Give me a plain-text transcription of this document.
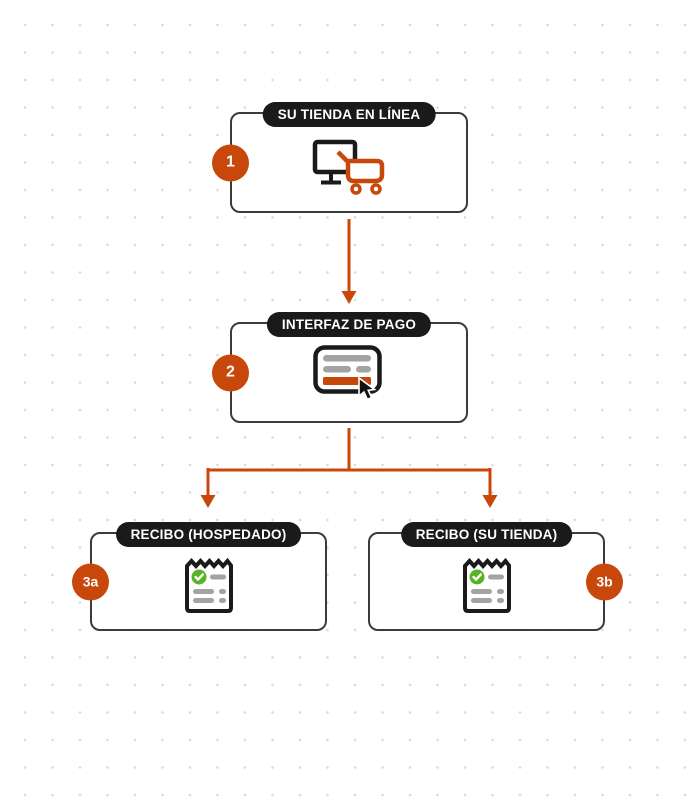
SU TIENDA EN LÍNEA
1
INTERFAZ DE PAGO
2
RECIBO (HOSPEDADO)
3a
RECIBO (SU TIENDA)
3b
